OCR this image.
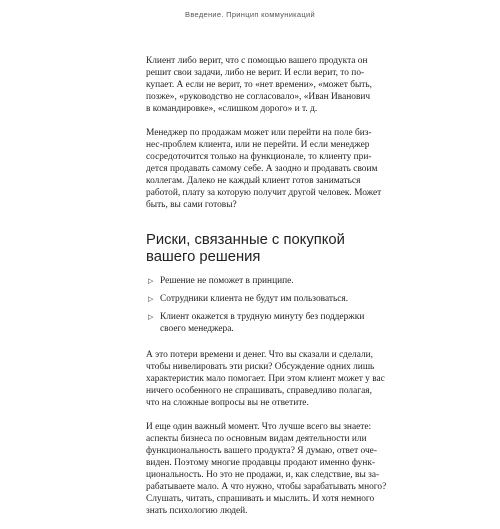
Введение. Принцип коммуникаций

Клиент либо верит, что с помощью вашего продукта он
решит свои задачи, либо не верит. И если верит, то по-
купает. А если не верит, то «нет времени», «может быть,
позже», «руководство не согласовало», «Иван Иванович
в командировке», «слишком дорого» и т. д.

Менеджер по продажам может или перейти на поле биз-
нес-проблем клиента, или не перейти. И если менеджер
сосредоточится только на функционале, то клиенту при-
дется продавать самому себе. А заодно и продавать своим
коллегам. Далеко не каждый клиент готов заниматься
работой, плату за которую получит другой человек. Может
быть, вы сами готовы?

Риски, связанные с покупкой
вашего решения
▷ Решение не поможет в принципе.
▷ Сотрудники клиента не будут им пользоваться.
▷ Клиент окажется в трудную минуту без поддержки
своего менеджера.

А это потери времени и денег. Что вы сказали и сделали,
чтобы нивелировать эти риски? Обсуждение одних лишь
характеристик мало помогает. При этом клиент может у вас
ничего особенного не спрашивать, справедливо полагая,
что на сложные вопросы вы не ответите.

И еще один важный момент. Что лучше всего вы знаете:
аспекты бизнеса по основным видам деятельности или
функциональность вашего продукта? Я думаю, ответ оче-
виден. Поэтому многие продавцы продают именно функ-
циональность. Но это не продажи, и, как следствие, вы за-
рабатываете мало. А что нужно, чтобы зарабатывать много?
Слушать, читать, спрашивать и мыслить. И хотя немного
знать психологию людей.
